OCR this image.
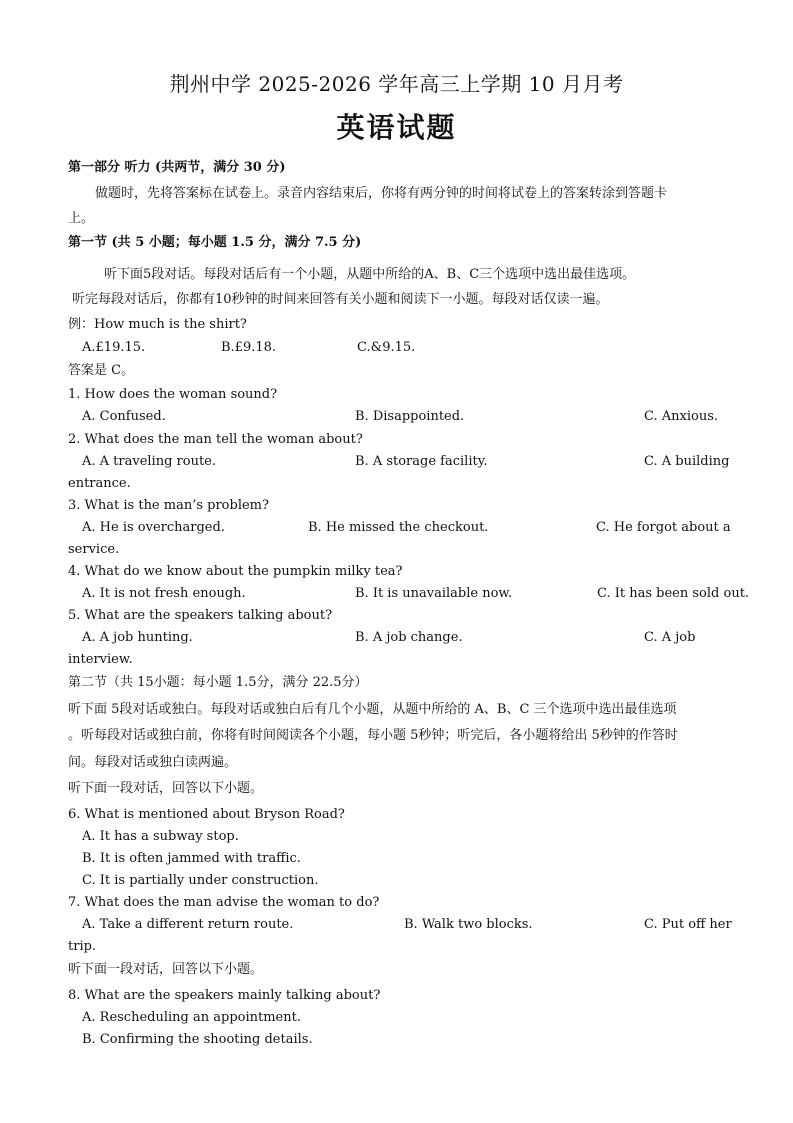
荆州中学 2025-2026 学年高三上学期 10 月月考
英语试题
第一部分 听力 (共两节，满分 30 分)
做题时，先将答案标在试卷上。录音内容结束后，你将有两分钟的时间将试卷上的答案转涂到答题卡
上。
第一节 (共 5 小题；每小题 1.5 分，满分 7.5 分)
听下面5段对话。每段对话后有一个小题，从题中所给的A、B、C三个选项中选出最佳选项。
听完每段对话后，你都有10秒钟的时间来回答有关小题和阅读下一小题。每段对话仅读一遍。
例：How much is the shirt?
A.£19.15.	B.£9.18.	C.&9.15.
答案是 C。
1. How does the woman sound?
A. Confused.	B. Disappointed.	C. Anxious.
2. What does the man tell the woman about?
A. A traveling route.	B. A storage facility.	C. A building
entrance.
3. What is the man’s problem?
A. He is overcharged.	B. He missed the checkout.	C. He forgot about a
service.
4. What do we know about the pumpkin milky tea?
A. It is not fresh enough.	B. It is unavailable now.	C. It has been sold out.
5. What are the speakers talking about?
A. A job hunting.	B. A job change.	C. A job
interview.
第二节（共 15小题：每小题 1.5分，满分 22.5分）
听下面 5段对话或独白。每段对话或独白后有几个小题，从题中所给的 A、B、C 三个选项中选出最佳选项
。听每段对话或独白前，你将有时间阅读各个小题，每小题 5秒钟；听完后，各小题将给出 5秒钟的作答时
间。每段对话或独白读两遍。
听下面一段对话，回答以下小题。
6. What is mentioned about Bryson Road?
A. It has a subway stop.
B. It is often jammed with traffic.
C. It is partially under construction.
7. What does the man advise the woman to do?
A. Take a different return route.	B. Walk two blocks.	C. Put off her
trip.
听下面一段对话，回答以下小题。
8. What are the speakers mainly talking about?
A. Rescheduling an appointment.
B. Confirming the shooting details.
